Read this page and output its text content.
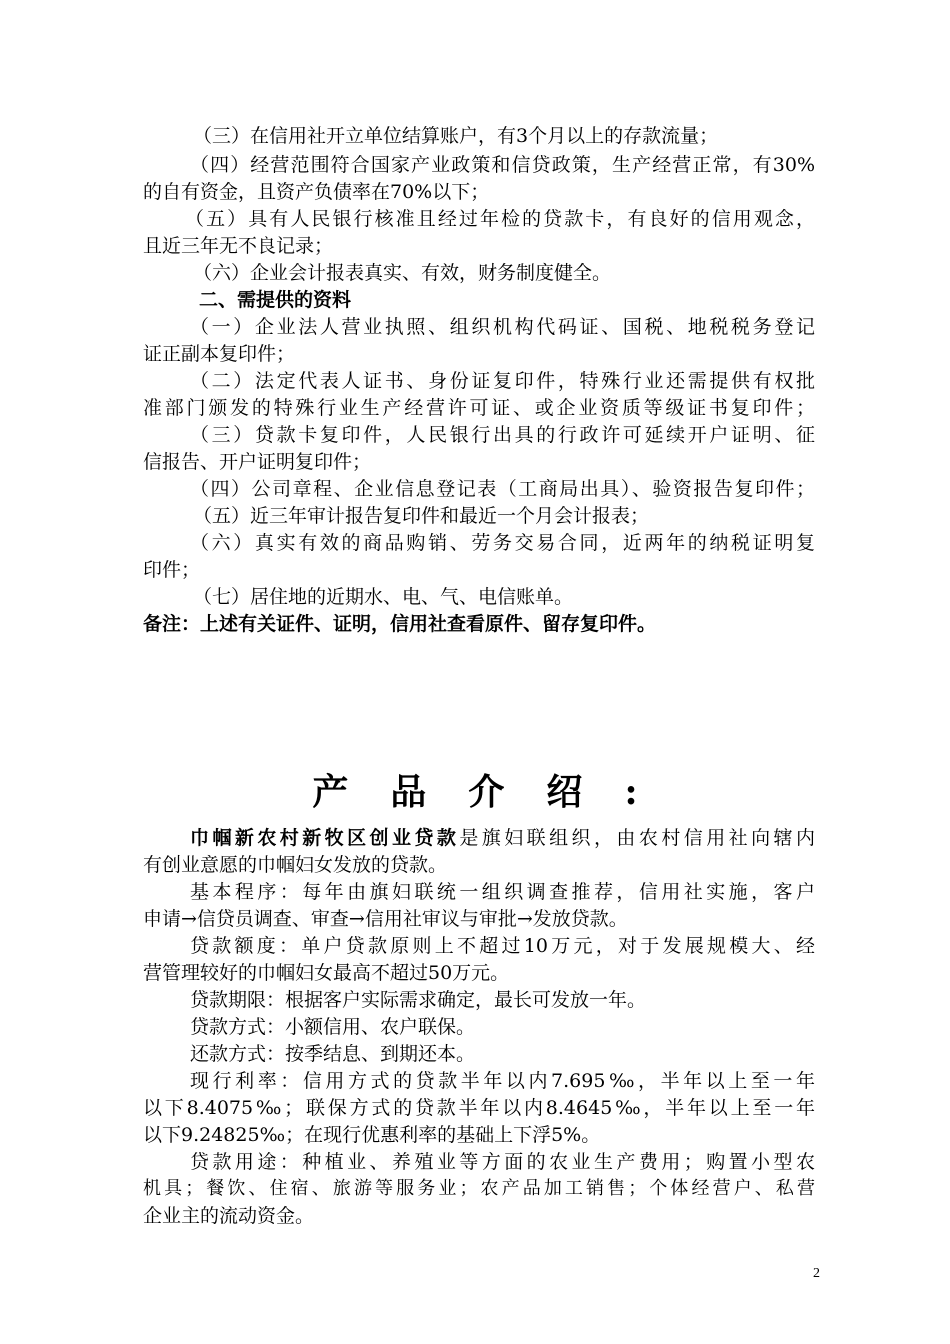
（三）在信用社开立单位结算账户，有3个月以上的存款流量；
（四）经营范围符合国家产业政策和信贷政策，生产经营正常，有30%
的自有资金，且资产负债率在70%以下；
（五）具有人民银行核准且经过年检的贷款卡，有良好的信用观念，
且近三年无不良记录；
（六）企业会计报表真实、有效，财务制度健全。
二、需提供的资料
（一）企业法人营业执照、组织机构代码证、国税、地税税务登记
证正副本复印件；
（二）法定代表人证书、身份证复印件，特殊行业还需提供有权批
准部门颁发的特殊行业生产经营许可证、或企业资质等级证书复印件；
（三）贷款卡复印件，人民银行出具的行政许可延续开户证明、征
信报告、开户证明复印件；
（四）公司章程、企业信息登记表（工商局出具）、验资报告复印件；
（五）近三年审计报告复印件和最近一个月会计报表；
（六）真实有效的商品购销、劳务交易合同，近两年的纳税证明复
印件；
（七）居住地的近期水、电、气、电信账单。
备注：上述有关证件、证明，信用社查看原件、留存复印件。
产品介绍:
巾帼新农村新牧区创业贷款是旗妇联组织，由农村信用社向辖内
有创业意愿的巾帼妇女发放的贷款。
基本程序：每年由旗妇联统一组织调查推荐，信用社实施，客户
申请→信贷员调查、审查→信用社审议与审批→发放贷款。
贷款额度：单户贷款原则上不超过10万元，对于发展规模大、经
营管理较好的巾帼妇女最高不超过50万元。
贷款期限：根据客户实际需求确定，最长可发放一年。
贷款方式：小额信用、农户联保。
还款方式：按季结息、到期还本。
现行利率：信用方式的贷款半年以内7.695‰，半年以上至一年
以下8.4075‰；联保方式的贷款半年以内8.4645‰，半年以上至一年
以下9.24825‰；在现行优惠利率的基础上下浮5%。
贷款用途：种植业、养殖业等方面的农业生产费用；购置小型农
机具；餐饮、住宿、旅游等服务业；农产品加工销售；个体经营户、私营
企业主的流动资金。
2
